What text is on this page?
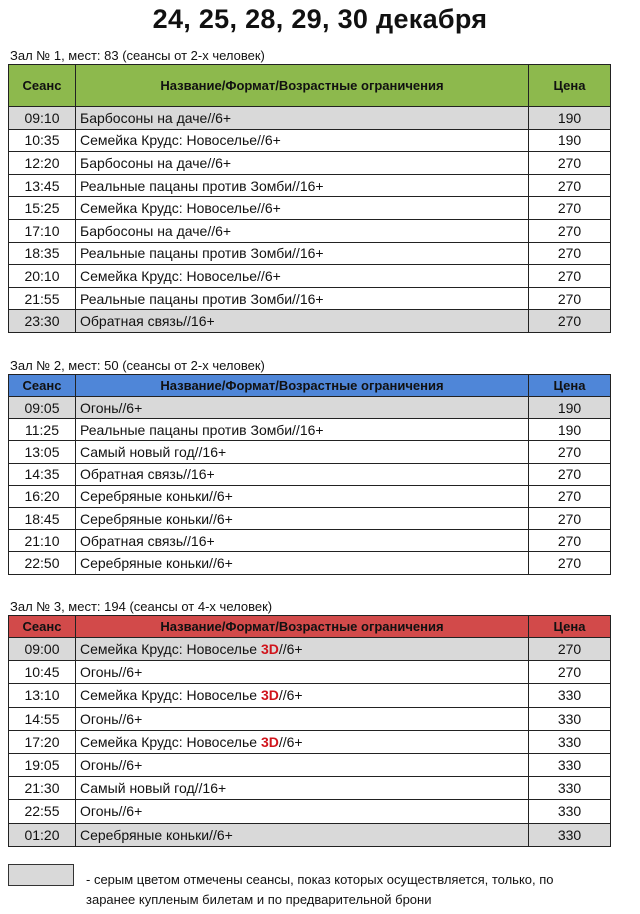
24, 25, 28, 29, 30 декабря
Зал № 1, мест: 83 (сеансы от 2-х человек)
Сеанс	Название/Формат/Возрастные ограничения	Цена
09:10	Барбосоны на даче//6+	190
10:35	Семейка Крудс: Новоселье//6+	190
12:20	Барбосоны на даче//6+	270
13:45	Реальные пацаны против Зомби//16+	270
15:25	Семейка Крудс: Новоселье//6+	270
17:10	Барбосоны на даче//6+	270
18:35	Реальные пацаны против Зомби//16+	270
20:10	Семейка Крудс: Новоселье//6+	270
21:55	Реальные пацаны против Зомби//16+	270
23:30	Обратная связь//16+	270
Зал № 2, мест: 50 (сеансы от 2-х человек)
Сеанс	Название/Формат/Возрастные ограничения	Цена
09:05	Огонь//6+	190
11:25	Реальные пацаны против Зомби//16+	190
13:05	Самый новый год//16+	270
14:35	Обратная связь//16+	270
16:20	Серебряные коньки//6+	270
18:45	Серебряные коньки//6+	270
21:10	Обратная связь//16+	270
22:50	Серебряные коньки//6+	270
Зал № 3, мест: 194 (сеансы от 4-х человек)
Сеанс	Название/Формат/Возрастные ограничения	Цена
09:00	Семейка Крудс: Новоселье 3D//6+	270
10:45	Огонь//6+	270
13:10	Семейка Крудс: Новоселье 3D//6+	330
14:55	Огонь//6+	330
17:20	Семейка Крудс: Новоселье 3D//6+	330
19:05	Огонь//6+	330
21:30	Самый новый год//16+	330
22:55	Огонь//6+	330
01:20	Серебряные коньки//6+	330
- серым цветом отмечены сеансы, показ которых осуществляется, только, по заранее купленым билетам и по предварительной брони
